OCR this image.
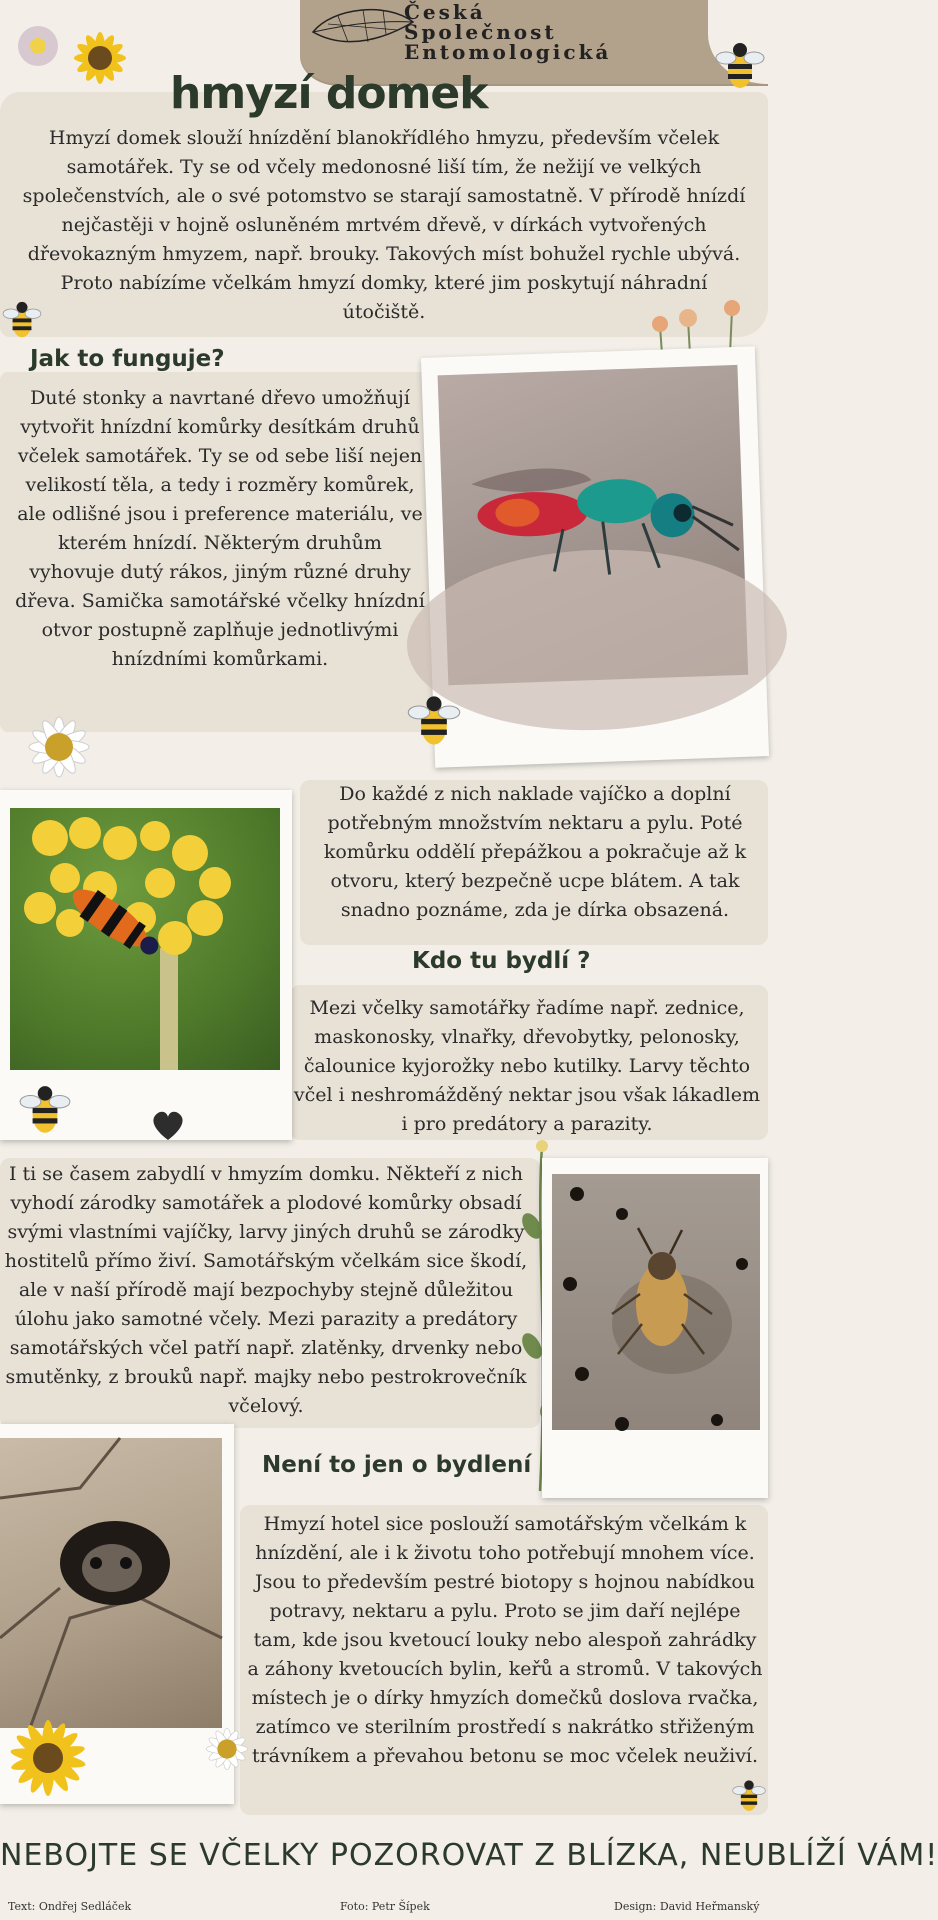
Česká
Společnost
Entomologická
hmyzí domek
Hmyzí domek slouží hnízdění blanokřídlého hmyzu, především včelek samotářek. Ty se od včely medonosné liší tím, že nežijí ve velkých společenstvích, ale o své potomstvo se starají samostatně. V přírodě hnízdí nejčastěji v hojně osluněném mrtvém dřevě, v dírkách vytvořených dřevokazným hmyzem, např. brouky. Takových míst bohužel rychle ubývá. Proto nabízíme včelkám hmyzí domky, které jim poskytují náhradní útočiště.
Jak to funguje?
Duté stonky a navrtané dřevo umožňují vytvořit hnízdní komůrky desítkám druhů včelek samotářek. Ty se od sebe liší nejen velikostí těla, a tedy i rozměry komůrek, ale odlišné jsou i preference materiálu, ve kterém hnízdí. Některým druhům vyhovuje dutý rákos, jiným různé druhy dřeva. Samička samotářské včelky hnízdní otvor postupně zaplňuje jednotlivými hnízdními komůrkami.
Do každé z nich naklade vajíčko a doplní potřebným množstvím nektaru a pylu. Poté komůrku oddělí přepážkou a pokračuje až k otvoru, který bezpečně ucpe blátem. A tak snadno poznáme, zda je dírka obsazená.
Kdo tu bydlí ?
Mezi včelky samotářky řadíme např. zednice, maskonosky, vlnařky, dřevobytky, pelonosky, čalounice kyjorožky nebo kutilky. Larvy těchto včel i neshromážděný nektar jsou však lákadlem i pro predátory a parazity.
I ti se časem zabydlí v hmyzím domku. Někteří z nich vyhodí zárodky samotářek a plodové komůrky obsadí svými vlastními vajíčky, larvy jiných druhů se zárodky hostitelů přímo živí. Samotářským včelkám sice škodí, ale v naší přírodě mají bezpochyby stejně důležitou úlohu jako samotné včely. Mezi parazity a predátory samotářských včel patří např. zlatěnky, drvenky nebo smutěnky, z brouků např. majky nebo pestrokrovečník včelový.
Není to jen o bydlení
Hmyzí hotel sice poslouží samotářským včelkám k hnízdění, ale i k životu toho potřebují mnohem více. Jsou to především pestré biotopy s hojnou nabídkou potravy, nektaru a pylu. Proto se jim daří nejlépe tam, kde jsou kvetoucí louky nebo alespoň zahrádky a záhony kvetoucích bylin, keřů a stromů. V takových místech je o dírky hmyzích domečků doslova rvačka, zatímco ve sterilním prostředí s nakrátko střiženým trávníkem a převahou betonu se moc včelek neuživí.
NEBOJTE SE VČELKY POZOROVAT Z BLÍZKA, NEUBLÍŽÍ VÁM!
Text: Ondřej Sedláček	Foto: Petr Šípek	Design: David Heřmanský
